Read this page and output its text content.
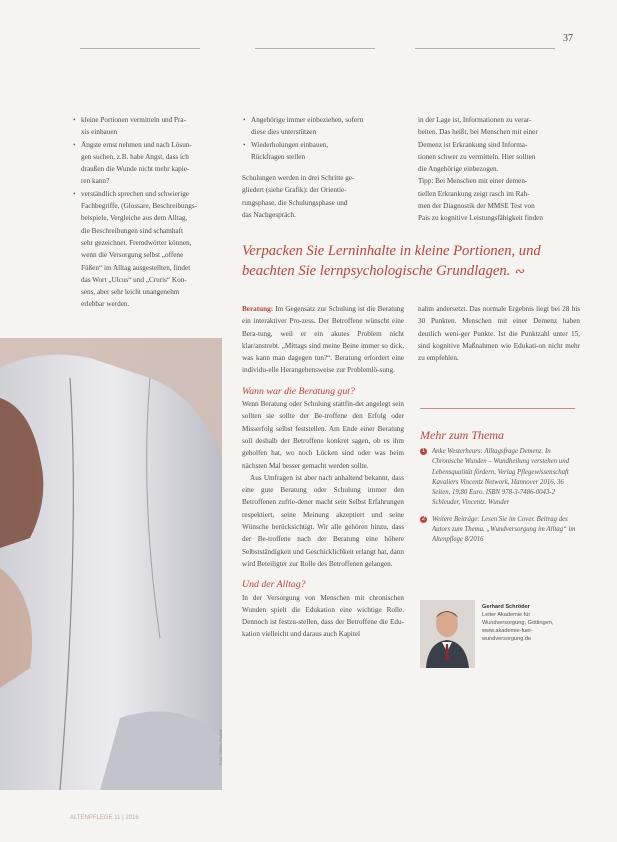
37
• kleine Portionen vermitteln und Pra-
xis einbauen
• Ängste ernst nehmen und nach Lösun-
gen suchen, z.B. habe Angst, dass ich
draußen die Wunde nicht mehr kapie-
ren kann?
• verständlich sprechen und schwierige
Fachbegriffe, (Glossare, Beschreibungs-
beispiele, Vergleiche aus dem Alltag,
die Beschreibungen sind schamhaft
sehr gezeichnet. Fremdwörter können,
wenn die Versorgung selbst „offene
Füßen“ im Alltag ausgestellten, findet
das Wort „Ulcus“ und „Cruris“ Kon-
sens, aber sehr leicht unangenehm
erlebbar werden.
• Angehörige immer einbeziehen, sofern
diese dies unterstützen
• Wiederholungen einbauen,
Rückfragen stellen

Schulungen werden in drei Schritte ge-
gliedert (siehe Grafik): der Orientie-
rungsphase, die Schulungsphase und
das Nachgespräch.

in der Lage ist, Informationen zu verar-
beiten. Das heißt, bei Menschen mit einer
Demenz ist Erkrankung sind Informa-
tionen schwer zu vermitteln. Hier sollten
die Angehörige einbezogen.

Tipp: Bei Menschen mit einer demen-
tiellen Erkrankung zeigt rasch im Rah-
men der Diagnostik der MMSE Test von
Pais zu kognitive Leistungsfähigkeit finden

Verpacken Sie Lerninhalte in kleine Portionen, und beachten Sie lernpsychologische Grundlagen. ∾
Foto: Stefan Fischer

Beratung: Im Gegensatz zur Schulung ist die Beratung ein interaktiver Pro-zess. Der Betroffene wünscht eine Bera-tung, weil er ein akutes Problem nicht klar/anstrebt. „Mittags sind meine Beine immer so dick, was kann man dagegen tun?“. Beratung erfordert eine individu-elle Herangehensweise zur Problemlö-sung.

Wann war die Beratung gut?

Wenn Beratung oder Schulung stattfin-det angelegt sein sollten sie sollte der Be-troffene den Erfolg oder Misserfolg selbst feststellen. Am Ende einer Beratung soll deshalb der Betroffene konkret sagen, ob es ihm geholfen hat, wo noch Lücken sind oder was beim nächsten Mal besser gemacht werden sollte.

Aus Umfragen ist aber nach anhaltend bekannt, dass eine gute Beratung oder Schulung immer den Betroffenen zufrie-dener macht sein Selbst Erfahrungen respektiert, seine Meinung akzeptiert und seine Wünsche berücksichtigt. Wir alle gehören hinzu, dass der Be-troffene nach der Beratung eine höhere Selbstständigkeit und Geschicklichkeit erlangt hat, dann wird Beteiligter zur Rolle des Betroffenen gelangen.

Und der Alltag?

In der Versorgung von Menschen mit chronischen Wunden spielt die Edukation eine wichtige Rolle. Dennoch ist festzu-stellen, dass der Betroffene die Edu-kation vielleicht und daraus auch Kapitel

nahm andersetzt. Das normale Ergebnis liegt bei 28 bis 30 Punkten. Menschen mit einer Demenz haben deutlich weni-ger Punkte. Ist die Punktzahl unter 15, sind kognitive Maßnahmen wie Edukati-on nicht mehr zu empfehlen.

Mehr zum Thema
1 Anke Westerheurs: Alltagsfrage Demenz. In Chronische Wunden – Wundheilung verstehen und Lebensqualität fördern, Verlag Pflegewissenschaft Kavaliers Vincentz Network, Hannover 2016, 36 Seiten, 19,80 Euro. ISBN 978-3-7486-0043-2 Schleuder, Vincentz. Wunder
2 Weitere Beiträge: Lesen Sie im Cover. Beitrag des Autors zum Thema. „Wundversorgung im Alltag“ im Altenpflege 8/2016
Gerhard Schröder
Leiter Akademie für
Wundversorgung, Göttingen,
www.akademie-fuer-
wundversorgung.de
ALTENPFLEGE 11 | 2016
